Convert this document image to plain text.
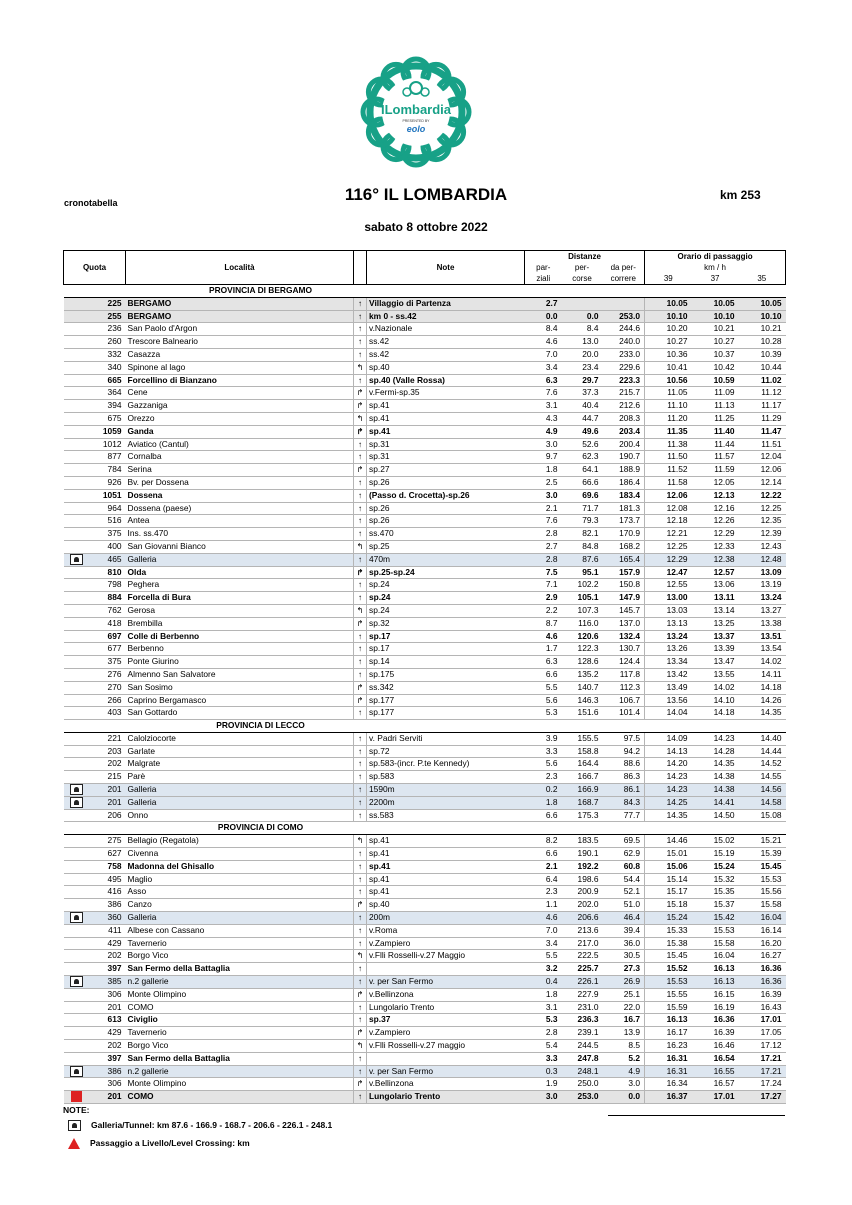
ILombardia
PRESENTED BY
eolo
cronotabella	116° IL LOMBARDIA	km 253
sabato 8 ottobre 2022
Quota		Località		Note	Distanze			Orario di passaggio		
					par-	per-	da per-	km / h		
					ziali	corse	correre	39	37	35
PROVINCIA DI BERGAMO										
	225	BERGAMO	↑	Villaggio di Partenza	2.7			10.05	10.05	10.05
	255	BERGAMO	↑	km 0 - ss.42	0.0	0.0	253.0	10.10	10.10	10.10
	236	San Paolo d'Argon	↑	v.Nazionale	8.4	8.4	244.6	10.20	10.21	10.21
	260	Trescore Balneario	↑	ss.42	4.6	13.0	240.0	10.27	10.27	10.28
	332	Casazza	↑	ss.42	7.0	20.0	233.0	10.36	10.37	10.39
	340	Spinone al lago	↰	sp.40	3.4	23.4	229.6	10.41	10.42	10.44
	665	Forcellino di Bianzano	↑	sp.40 (Valle Rossa)	6.3	29.7	223.3	10.56	10.59	11.02
	364	Cene	↱	v.Fermi-sp.35	7.6	37.3	215.7	11.05	11.09	11.12
	394	Gazzaniga	↱	sp.41	3.1	40.4	212.6	11.10	11.13	11.17
	675	Orezzo	↰	sp.41	4.3	44.7	208.3	11.20	11.25	11.29
	1059	Ganda	↱	sp.41	4.9	49.6	203.4	11.35	11.40	11.47
	1012	Aviatico (Cantul)	↑	sp.31	3.0	52.6	200.4	11.38	11.44	11.51
	877	Cornalba	↑	sp.31	9.7	62.3	190.7	11.50	11.57	12.04
	784	Serina	↱	sp.27	1.8	64.1	188.9	11.52	11.59	12.06
	926	Bv. per Dossena	↑	sp.26	2.5	66.6	186.4	11.58	12.05	12.14
	1051	Dossena	↑	(Passo d. Crocetta)-sp.26	3.0	69.6	183.4	12.06	12.13	12.22
	964	Dossena (paese)	↑	sp.26	2.1	71.7	181.3	12.08	12.16	12.25
	516	Antea	↑	sp.26	7.6	79.3	173.7	12.18	12.26	12.35
	375	Ins. ss.470	↑	ss.470	2.8	82.1	170.9	12.21	12.29	12.39
	400	San Giovanni Bianco	↰	sp.25	2.7	84.8	168.2	12.25	12.33	12.43
	465	Galleria	↑	470m	2.8	87.6	165.4	12.29	12.38	12.48
	810	Olda	↱	sp.25-sp.24	7.5	95.1	157.9	12.47	12.57	13.09
	798	Peghera	↑	sp.24	7.1	102.2	150.8	12.55	13.06	13.19
	884	Forcella di Bura	↑	sp.24	2.9	105.1	147.9	13.00	13.11	13.24
	762	Gerosa	↰	sp.24	2.2	107.3	145.7	13.03	13.14	13.27
	418	Brembilla	↱	sp.32	8.7	116.0	137.0	13.13	13.25	13.38
	697	Colle di Berbenno	↑	sp.17	4.6	120.6	132.4	13.24	13.37	13.51
	677	Berbenno	↑	sp.17	1.7	122.3	130.7	13.26	13.39	13.54
	375	Ponte Giurino	↑	sp.14	6.3	128.6	124.4	13.34	13.47	14.02
	276	Almenno San Salvatore	↑	sp.175	6.6	135.2	117.8	13.42	13.55	14.11
	270	San Sosimo	↱	ss.342	5.5	140.7	112.3	13.49	14.02	14.18
	266	Caprino Bergamasco	↱	sp.177	5.6	146.3	106.7	13.56	14.10	14.26
	403	San Gottardo	↑	sp.177	5.3	151.6	101.4	14.04	14.18	14.35
PROVINCIA DI LECCO										
	221	Calolziocorte	↑	v. Padri Serviti	3.9	155.5	97.5	14.09	14.23	14.40
	203	Garlate	↑	sp.72	3.3	158.8	94.2	14.13	14.28	14.44
	202	Malgrate	↑	sp.583-(incr. P.te Kennedy)	5.6	164.4	88.6	14.20	14.35	14.52
	215	Parè	↑	sp.583	2.3	166.7	86.3	14.23	14.38	14.55
	201	Galleria	↑	1590m	0.2	166.9	86.1	14.23	14.38	14.56
	201	Galleria	↑	2200m	1.8	168.7	84.3	14.25	14.41	14.58
	206	Onno	↑	ss.583	6.6	175.3	77.7	14.35	14.50	15.08
PROVINCIA DI COMO										
	275	Bellagio (Regatola)	↰	sp.41	8.2	183.5	69.5	14.46	15.02	15.21
	627	Civenna	↑	sp.41	6.6	190.1	62.9	15.01	15.19	15.39
	758	Madonna del Ghisallo	↑	sp.41	2.1	192.2	60.8	15.06	15.24	15.45
	495	Maglio	↑	sp.41	6.4	198.6	54.4	15.14	15.32	15.53
	416	Asso	↑	sp.41	2.3	200.9	52.1	15.17	15.35	15.56
	386	Canzo	↱	sp.40	1.1	202.0	51.0	15.18	15.37	15.58
	360	Galleria	↑	200m	4.6	206.6	46.4	15.24	15.42	16.04
	411	Albese con Cassano	↑	v.Roma	7.0	213.6	39.4	15.33	15.53	16.14
	429	Tavernerio	↑	v.Zampiero	3.4	217.0	36.0	15.38	15.58	16.20
	202	Borgo Vico	↰	v.Flli Rosselli-v.27 Maggio	5.5	222.5	30.5	15.45	16.04	16.27
	397	San Fermo della Battaglia	↑		3.2	225.7	27.3	15.52	16.13	16.36
	385	n.2 gallerie	↑	v. per San Fermo	0.4	226.1	26.9	15.53	16.13	16.36
	306	Monte Olimpino	↱	v.Bellinzona	1.8	227.9	25.1	15.55	16.15	16.39
	201	COMO	↑	Lungolario Trento	3.1	231.0	22.0	15.59	16.19	16.43
	613	Civiglio	↑	sp.37	5.3	236.3	16.7	16.13	16.36	17.01
	429	Tavernerio	↱	v.Zampiero	2.8	239.1	13.9	16.17	16.39	17.05
	202	Borgo Vico	↰	v.Flli Rosselli-v.27 maggio	5.4	244.5	8.5	16.23	16.46	17.12
	397	San Fermo della Battaglia	↑		3.3	247.8	5.2	16.31	16.54	17.21
	386	n.2 gallerie	↑	v. per San Fermo	0.3	248.1	4.9	16.31	16.55	17.21
	306	Monte Olimpino	↱	v.Bellinzona	1.9	250.0	3.0	16.34	16.57	17.24
	201	COMO	↑	Lungolario Trento	3.0	253.0	0.0	16.37	17.01	17.27
NOTE:
Galleria/Tunnel: km 87.6 - 166.9 - 168.7 - 206.6 - 226.1 - 248.1
Passaggio a Livello/Level Crossing: km
